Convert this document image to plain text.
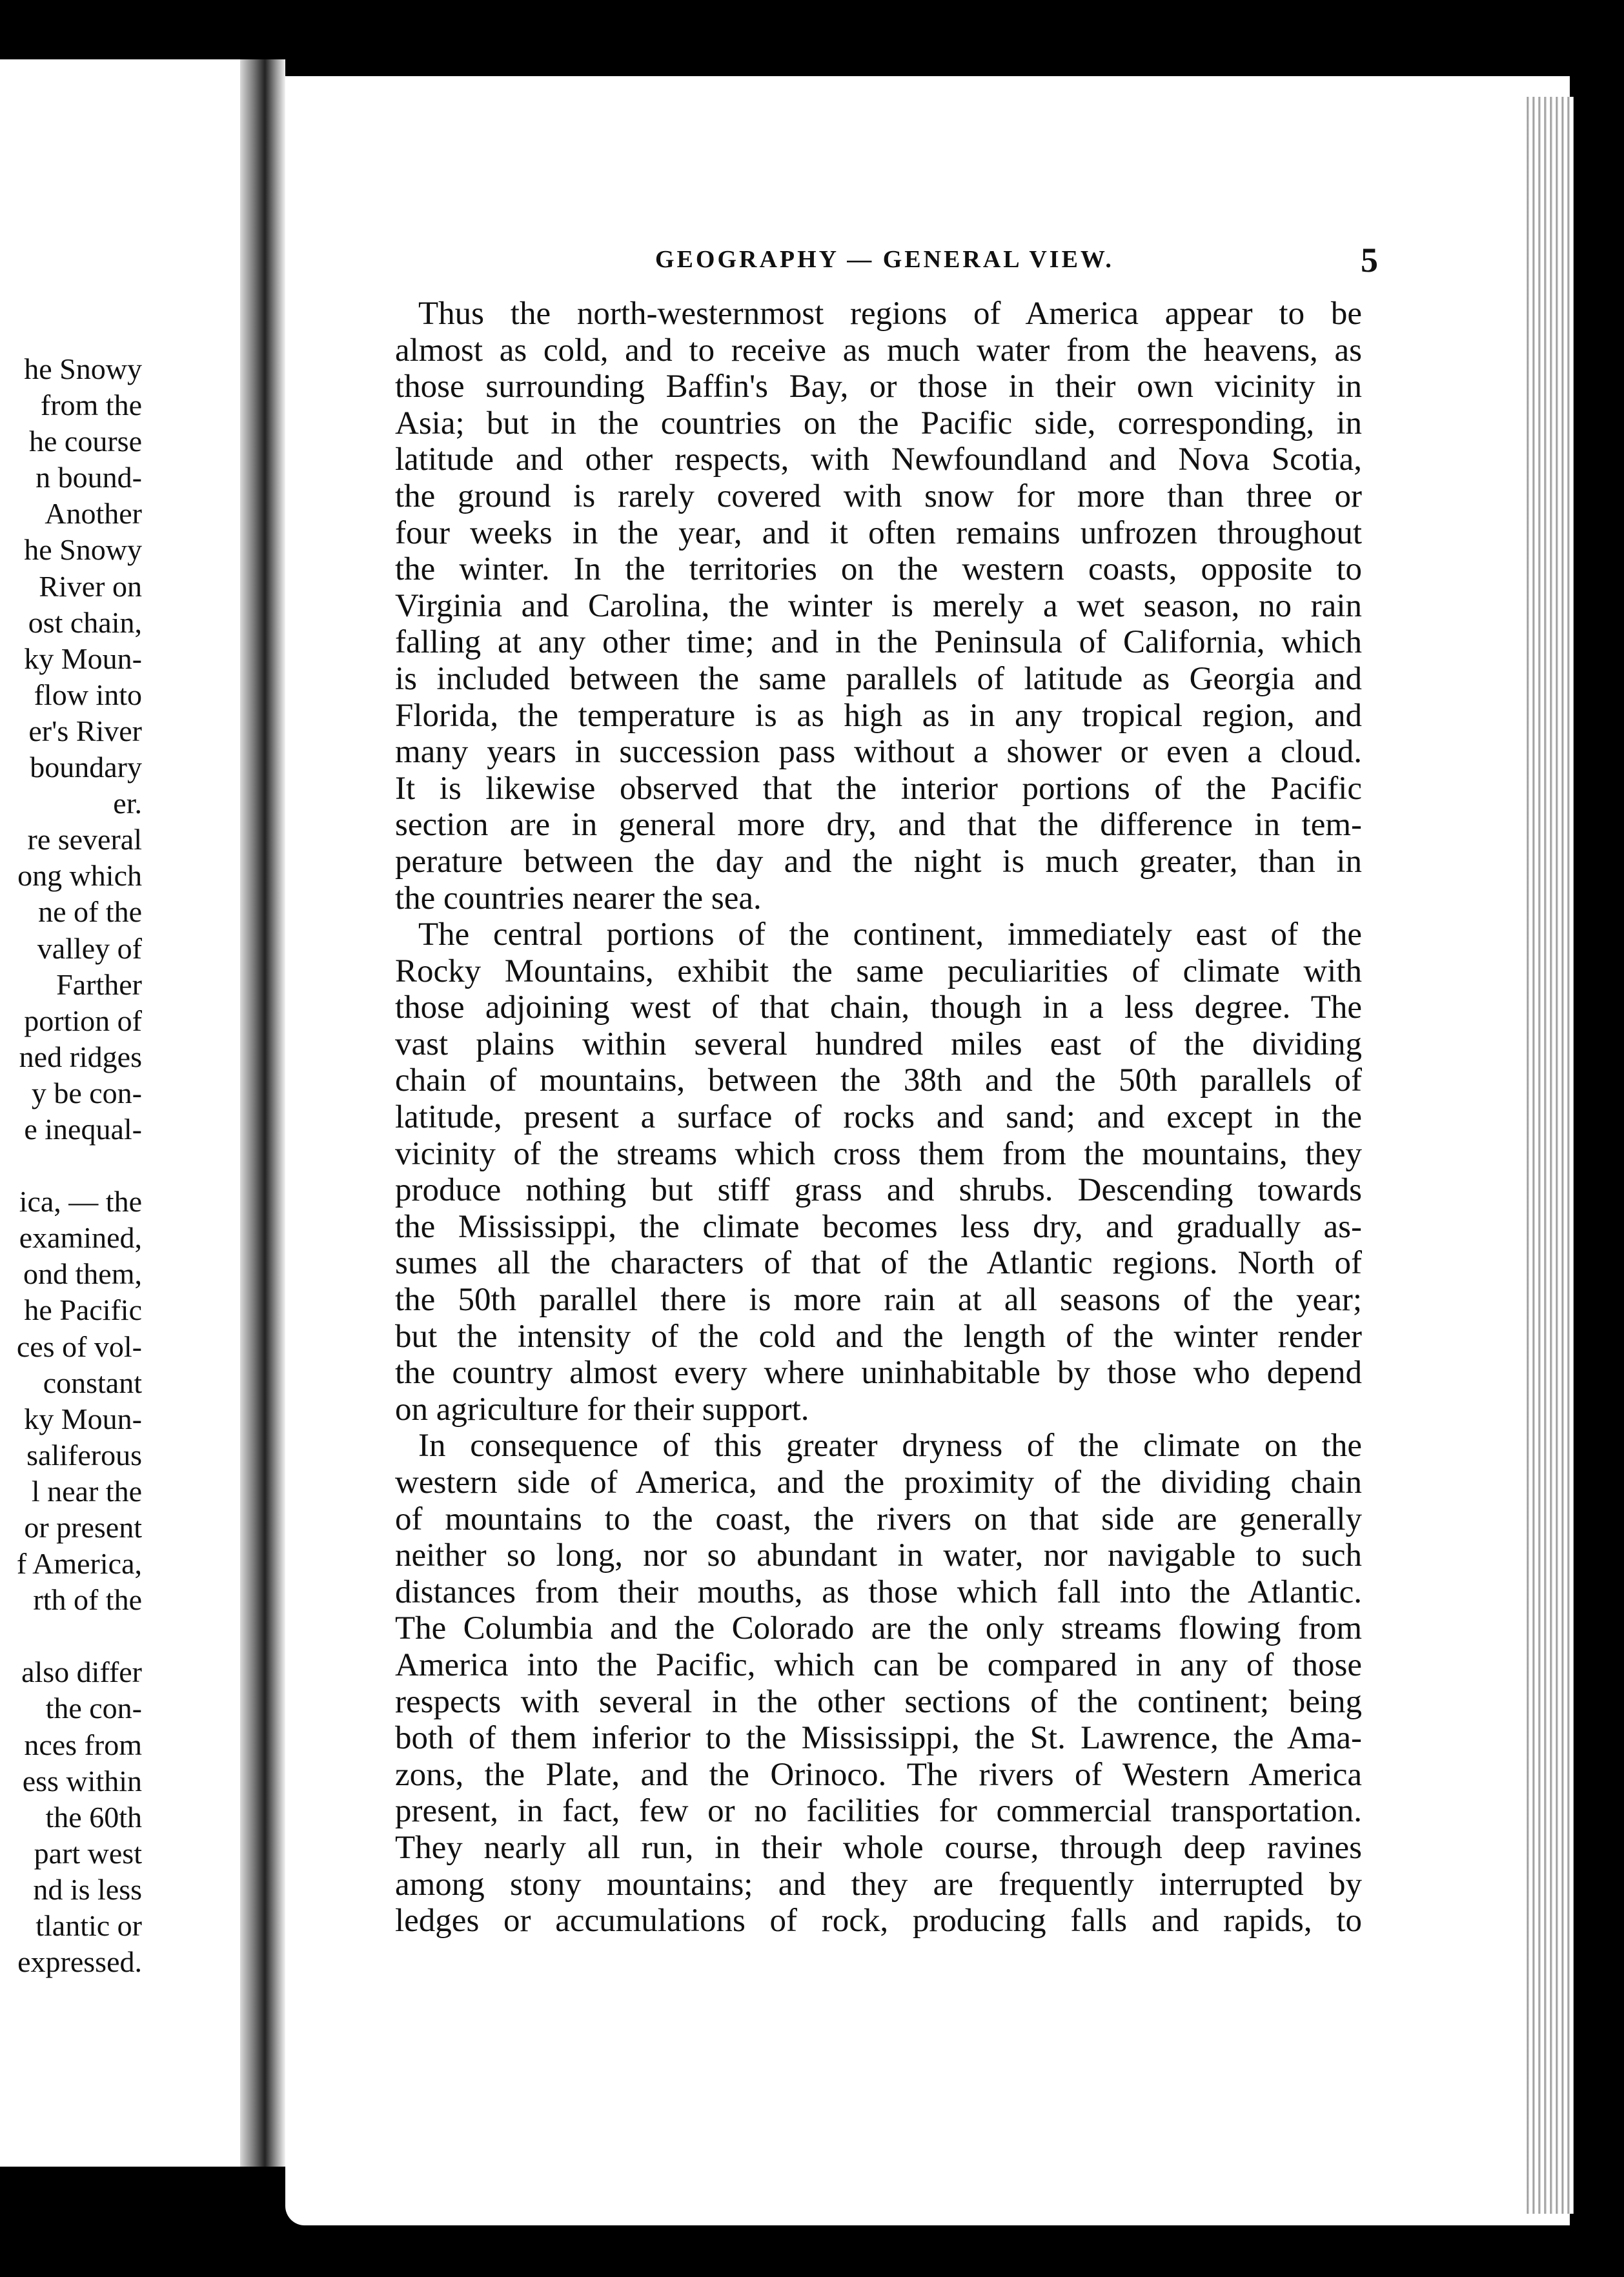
he Snowy
from the
he course
n bound-
Another
he Snowy
River on
ost chain,
ky Moun-
flow into
er's River
boundary
er.
re several
ong which
ne of the
valley of
Farther
portion of
ned ridges
y be con-
e inequal-
ica, — the
examined,
ond them,
he Pacific
ces of vol-
constant
ky Moun-
saliferous
l near the
or present
f America,
rth of the
also differ
the con-
nces from
ess within
the 60th
part west
nd is less
tlantic or
expressed.
GEOGRAPHY — GENERAL VIEW.	5
Thus the north-westernmost regions of America appear to be
almost as cold, and to receive as much water from the heavens, as
those surrounding Baffin's Bay, or those in their own vicinity in
Asia; but in the countries on the Pacific side, corresponding, in
latitude and other respects, with Newfoundland and Nova Scotia,
the ground is rarely covered with snow for more than three or
four weeks in the year, and it often remains unfrozen throughout
the winter. In the territories on the western coasts, opposite to
Virginia and Carolina, the winter is merely a wet season, no rain
falling at any other time; and in the Peninsula of California, which
is included between the same parallels of latitude as Georgia and
Florida, the temperature is as high as in any tropical region, and
many years in succession pass without a shower or even a cloud.
It is likewise observed that the interior portions of the Pacific
section are in general more dry, and that the difference in tem-
perature between the day and the night is much greater, than in
the countries nearer the sea.
The central portions of the continent, immediately east of the
Rocky Mountains, exhibit the same peculiarities of climate with
those adjoining west of that chain, though in a less degree. The
vast plains within several hundred miles east of the dividing
chain of mountains, between the 38th and the 50th parallels of
latitude, present a surface of rocks and sand; and except in the
vicinity of the streams which cross them from the mountains, they
produce nothing but stiff grass and shrubs. Descending towards
the Mississippi, the climate becomes less dry, and gradually as-
sumes all the characters of that of the Atlantic regions. North of
the 50th parallel there is more rain at all seasons of the year;
but the intensity of the cold and the length of the winter render
the country almost every where uninhabitable by those who depend
on agriculture for their support.
In consequence of this greater dryness of the climate on the
western side of America, and the proximity of the dividing chain
of mountains to the coast, the rivers on that side are generally
neither so long, nor so abundant in water, nor navigable to such
distances from their mouths, as those which fall into the Atlantic.
The Columbia and the Colorado are the only streams flowing from
America into the Pacific, which can be compared in any of those
respects with several in the other sections of the continent; being
both of them inferior to the Mississippi, the St. Lawrence, the Ama-
zons, the Plate, and the Orinoco. The rivers of Western America
present, in fact, few or no facilities for commercial transportation.
They nearly all run, in their whole course, through deep ravines
among stony mountains; and they are frequently interrupted by
ledges or accumulations of rock, producing falls and rapids, to
